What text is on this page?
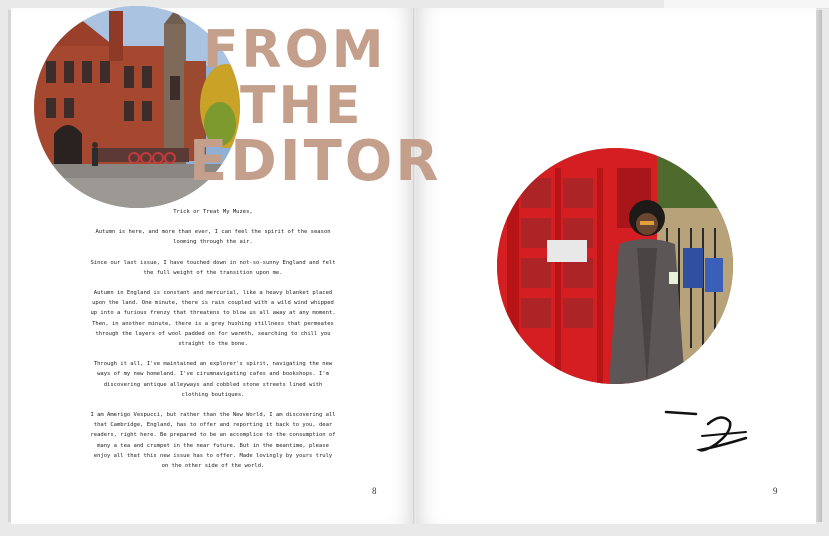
FROM
THE
EDITOR

Trick or Treat My Muzes,

Autumn is here, and more than ever, I can feel the spirit of the season looming through the air.

Since our last issue, I have touched down in not-so-sunny England and felt the full weight of the transition upon me.

Autumn in England is constant and mercurial, like a heavy blanket placed upon the land. One minute, there is rain coupled with a wild wind whipped up into a furious frenzy that threatens to blow us all away at any moment. Then, in another minute, there is a grey hushing stillness that permeates through the layers of wool padded on for warmth, searching to chill you straight to the bone.

Through it all, I've maintained an explorer's spirit, navigating the new ways of my new homeland. I've cirumnavigating cafes and bookshops. I'm discovering antique alleyways and cobbled stone streets lined with clothing boutiques.

I am Amerigo Vespucci, but rather than the New World, I am discovering all that Cambridge, England, has to offer and reporting it back to you, dear readers, right here. Be prepared to be an accomplice to the consumption of many a tea and crumpet in the near future. But in the meantime, please enjoy all that this new issue has to offer. Made lovingly by yours truly on the other side of the world.

8	9
